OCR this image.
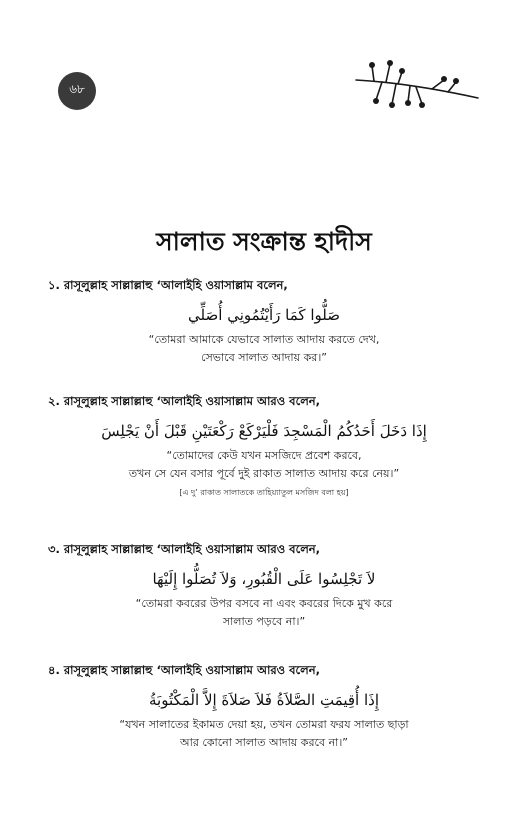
৬৮
সালাত সংক্রান্ত হাদীস
১. রাসূলুল্লাহ সাল্লাল্লাহু ‘আলাইহি ওয়াসাল্লাম বলেন,
صَلُّوا كَمَا رَأَيْتُمُونِي أُصَلِّي
“তোমরা আমাকে যেভাবে সালাত আদায় করতে দেখ,
সেভাবে সালাত আদায় কর।”
২. রাসূলুল্লাহ সাল্লাল্লাহু ‘আলাইহি ওয়াসাল্লাম আরও বলেন,
إِذَا دَخَلَ أَحَدُكُمُ الْمَسْجِدَ فَلْيَرْكَعْ رَكْعَتَيْنِ قَبْلَ أَنْ يَجْلِسَ
“তোমাদের কেউ যখন মসজিদে প্রবেশ করবে,
তখন সে যেন বসার পূর্বে দুই রাকাত সালাত আদায় করে নেয়।”
[এ দু’ রাকাত সালাতকে তাহিয়্যাতুল মসজিদ বলা হয়]
৩. রাসূলুল্লাহ সাল্লাল্লাহু ‘আলাইহি ওয়াসাল্লাম আরও বলেন,
لاَ تَجْلِسُوا عَلَى الْقُبُورِ، وَلاَ تُصَلُّوا إِلَيْهَا
“তোমরা কবরের উপর বসবে না এবং কবরের দিকে মুখ করে
সালাত পড়বে না।”
৪. রাসূলুল্লাহ সাল্লাল্লাহু ‘আলাইহি ওয়াসাল্লাম আরও বলেন,
إِذَا أُقِيمَتِ الصَّلاَةُ فَلاَ صَلاَةَ إِلاَّ الْمَكْتُوبَةُ
“যখন সালাতের ইকামত দেয়া হয়, তখন তোমরা ফরয সালাত ছাড়া
আর কোনো সালাত আদায় করবে না।”
